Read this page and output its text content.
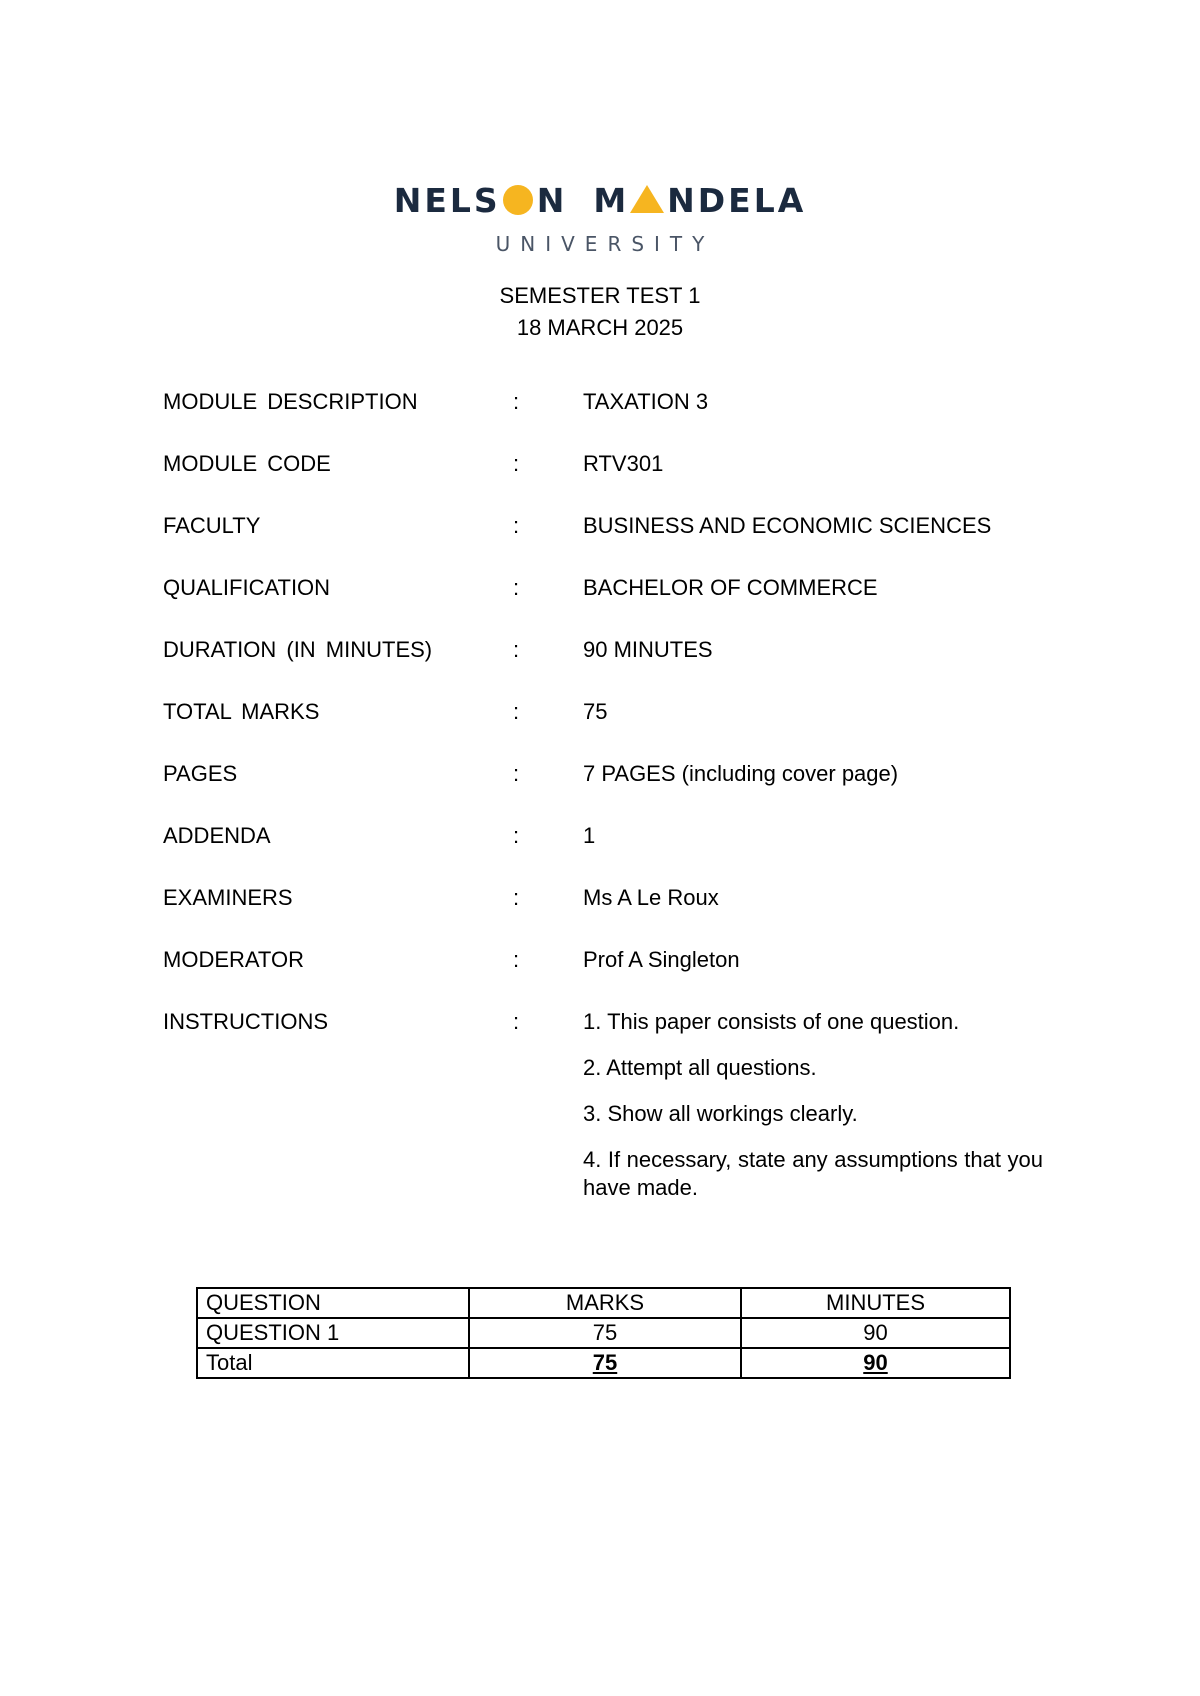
NELS N M NDELA
UNIVERSITY
SEMESTER TEST 1
18 MARCH 2025
MODULE DESCRIPTION	:	TAXATION 3
MODULE CODE	:	RTV301
FACULTY	:	BUSINESS AND ECONOMIC SCIENCES
QUALIFICATION	:	BACHELOR OF COMMERCE
DURATION (IN MINUTES)	:	90 MINUTES
TOTAL MARKS	:	75
PAGES	:	7 PAGES (including cover page)
ADDENDA	:	1
EXAMINERS	:	Ms A Le Roux
MODERATOR	:	Prof A Singleton
INSTRUCTIONS	:	1. This paper consists of one question.
2. Attempt all questions.
3. Show all workings clearly.
4. If necessary, state any assumptions that you have made.
QUESTION	MARKS	MINUTES
QUESTION 1	75	90
Total	75	90
